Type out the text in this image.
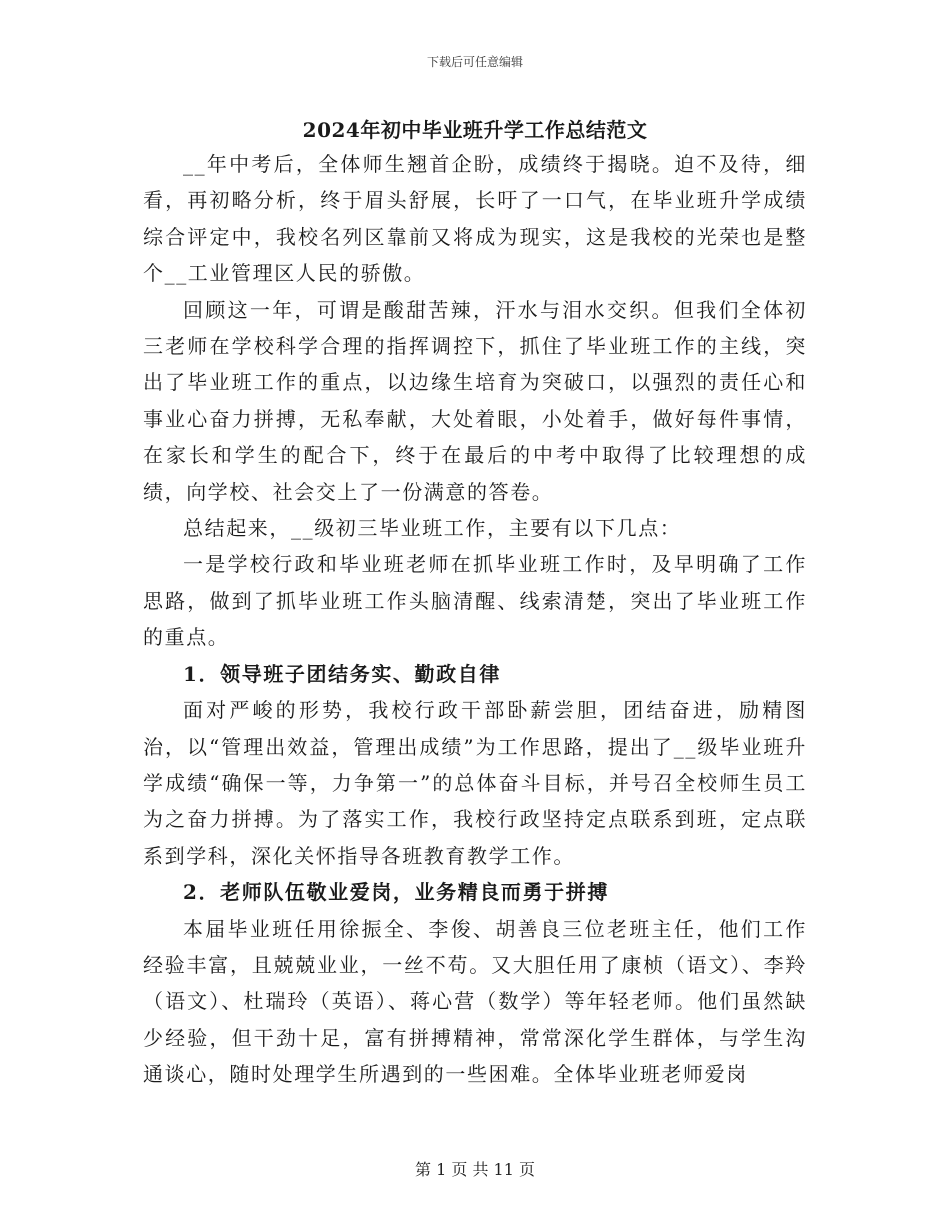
下载后可任意编辑
2024年初中毕业班升学工作总结范文

__年中考后，全体师生翘首企盼，成绩终于揭晓。迫不及待，细看，再初略分析，终于眉头舒展，长吁了一口气，在毕业班升学成绩综合评定中，我校名列区靠前又将成为现实，这是我校的光荣也是整个__工业管理区人民的骄傲。

回顾这一年，可谓是酸甜苦辣，汗水与泪水交织。但我们全体初三老师在学校科学合理的指挥调控下，抓住了毕业班工作的主线，突出了毕业班工作的重点，以边缘生培育为突破口，以强烈的责任心和事业心奋力拼搏，无私奉献，大处着眼，小处着手，做好每件事情，在家长和学生的配合下，终于在最后的中考中取得了比较理想的成绩，向学校、社会交上了一份满意的答卷。

总结起来，__级初三毕业班工作，主要有以下几点：

一是学校行政和毕业班老师在抓毕业班工作时，及早明确了工作思路，做到了抓毕业班工作头脑清醒、线索清楚，突出了毕业班工作的重点。

1．领导班子团结务实、勤政自律

面对严峻的形势，我校行政干部卧薪尝胆，团结奋进，励精图治，以“管理出效益，管理出成绩”为工作思路，提出了__级毕业班升学成绩“确保一等，力争第一”的总体奋斗目标，并号召全校师生员工为之奋力拼搏。为了落实工作，我校行政坚持定点联系到班，定点联系到学科，深化关怀指导各班教育教学工作。

2．老师队伍敬业爱岗，业务精良而勇于拼搏

本届毕业班任用徐振全、李俊、胡善良三位老班主任，他们工作经验丰富，且兢兢业业，一丝不苟。又大胆任用了康桢（语文）、李羚（语文）、杜瑞玲（英语）、蒋心营（数学）等年轻老师。他们虽然缺少经验，但干劲十足，富有拼搏精神，常常深化学生群体，与学生沟通谈心，随时处理学生所遇到的一些困难。全体毕业班老师爱岗

第 1 页 共 11 页
